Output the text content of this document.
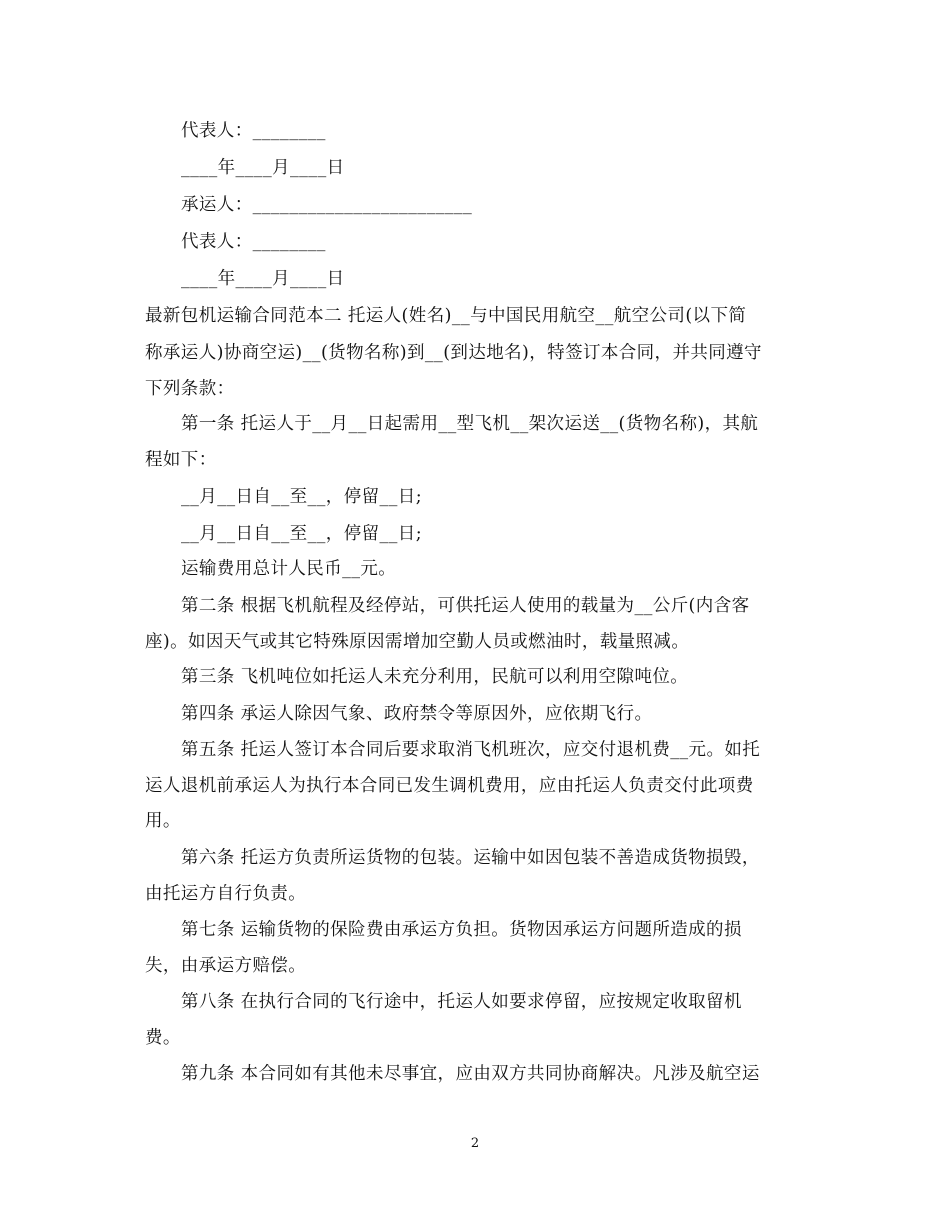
代表人：________
____年____月____日
承运人：________________________
代表人：________
____年____月____日
最新包机运输合同范本二 托运人(姓名)__与中国民用航空__航空公司(以下简
称承运人)协商空运)__(货物名称)到__(到达地名)，特签订本合同，并共同遵守
下列条款：
第一条 托运人于__月__日起需用__型飞机__架次运送__(货物名称)，其航
程如下：
__月__日自__至__，停留__日;
__月__日自__至__，停留__日;
运输费用总计人民币__元。
第二条 根据飞机航程及经停站，可供托运人使用的载量为__公斤(内含客
座)。如因天气或其它特殊原因需增加空勤人员或燃油时，载量照减。
第三条 飞机吨位如托运人未充分利用，民航可以利用空隙吨位。
第四条 承运人除因气象、政府禁令等原因外，应依期飞行。
第五条 托运人签订本合同后要求取消飞机班次，应交付退机费__元。如托
运人退机前承运人为执行本合同已发生调机费用，应由托运人负责交付此项费
用。
第六条 托运方负责所运货物的包装。运输中如因包装不善造成货物损毁，
由托运方自行负责。
第七条 运输货物的保险费由承运方负担。货物因承运方问题所造成的损
失，由承运方赔偿。
第八条 在执行合同的飞行途中，托运人如要求停留，应按规定收取留机
费。
第九条 本合同如有其他未尽事宜，应由双方共同协商解决。凡涉及航空运
2
